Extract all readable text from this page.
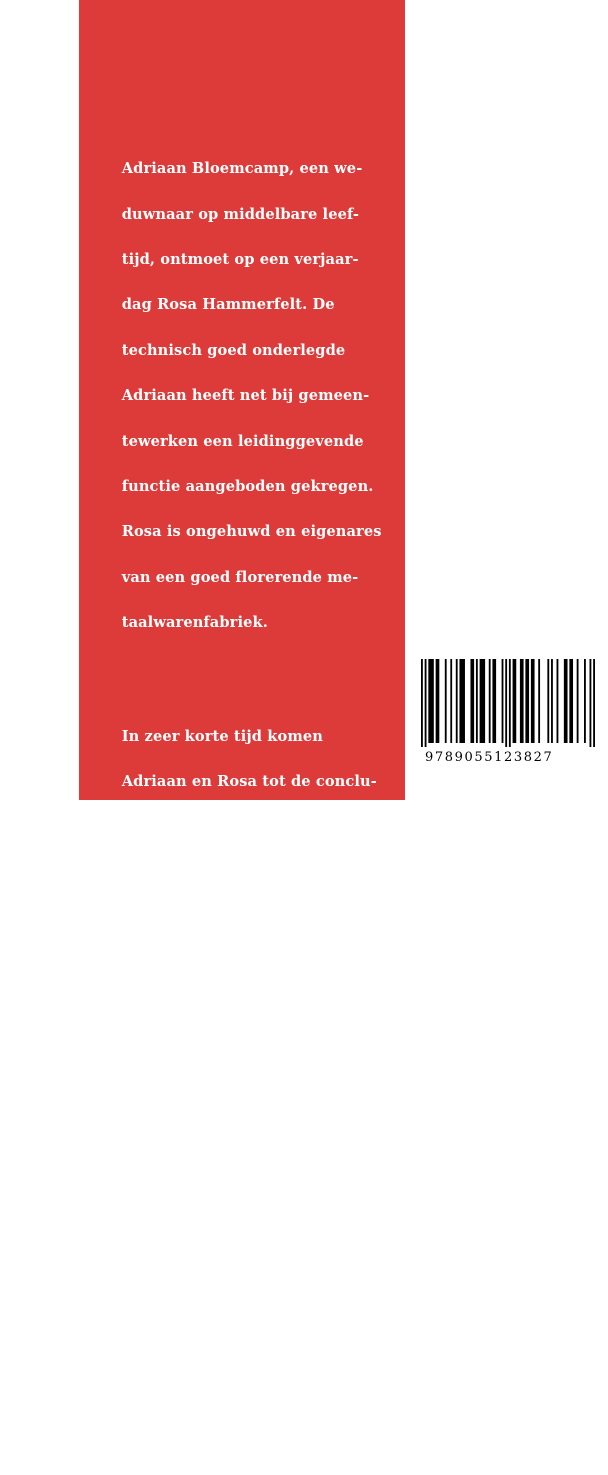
Adriaan Bloemcamp, een we-

duwnaar op middelbare leef-

tijd, ontmoet op een verjaar-

dag Rosa Hammerfelt. De

technisch goed onderlegde

Adriaan heeft net bij gemeen-

tewerken een leidinggevende

functie aangeboden gekregen.

Rosa is ongehuwd en eigenares

van een goed florerende me-

taalwarenfabriek.

In zeer korte tijd komen

Adriaan en Rosa tot de conclu-

sie dat ze voor elkaar bestemd

zijn.

Voor Adriaan betekent dit het

einde van vijf jaar eenzaam-

heid en Rosa vindt na jaren de

man van wie ze altijd heeft

gedroomd.

Voor het echter tot een

huwelijk komt, moeten er

grote problemen  worden

opgelost.

9789055123827
